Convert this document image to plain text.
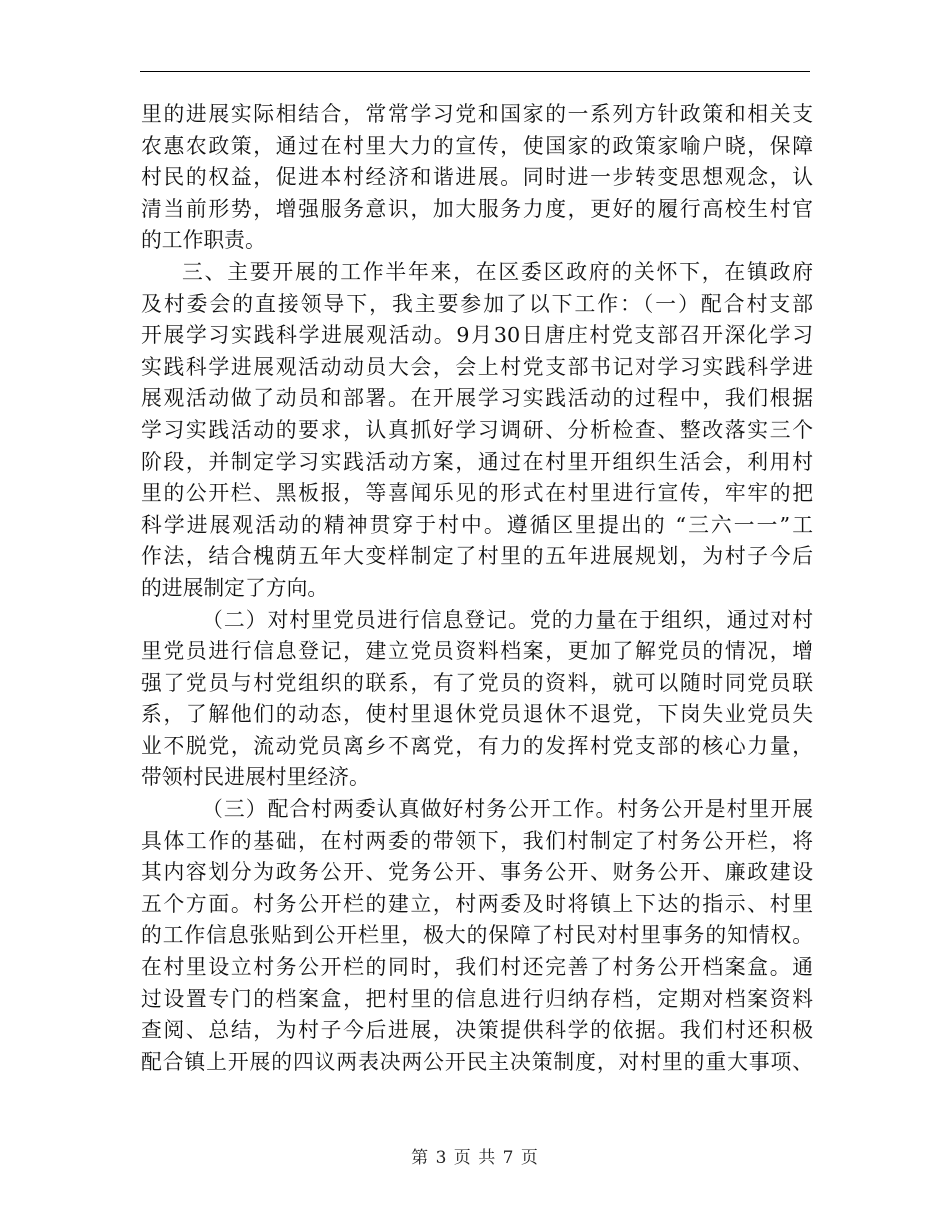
里的进展实际相结合，常常学习党和国家的一系列方针政策和相关支
农惠农政策，通过在村里大力的宣传，使国家的政策家喻户晓，保障
村民的权益，促进本村经济和谐进展。同时进一步转变思想观念，认
清当前形势，增强服务意识，加大服务力度，更好的履行高校生村官
的工作职责。
三、主要开展的工作半年来，在区委区政府的关怀下，在镇政府
及村委会的直接领导下，我主要参加了以下工作：（一）配合村支部
开展学习实践科学进展观活动。9月30日唐庄村党支部召开深化学习
实践科学进展观活动动员大会，会上村党支部书记对学习实践科学进
展观活动做了动员和部署。在开展学习实践活动的过程中，我们根据
学习实践活动的要求，认真抓好学习调研、分析检查、整改落实三个
阶段，并制定学习实践活动方案，通过在村里开组织生活会，利用村
里的公开栏、黑板报，等喜闻乐见的形式在村里进行宣传，牢牢的把
科学进展观活动的精神贯穿于村中。遵循区里提出的 “三六一一”工
作法，结合槐荫五年大变样制定了村里的五年进展规划，为村子今后
的进展制定了方向。
（二）对村里党员进行信息登记。党的力量在于组织，通过对村
里党员进行信息登记，建立党员资料档案，更加了解党员的情况，增
强了党员与村党组织的联系，有了党员的资料，就可以随时同党员联
系，了解他们的动态，使村里退休党员退休不退党，下岗失业党员失
业不脱党，流动党员离乡不离党，有力的发挥村党支部的核心力量，
带领村民进展村里经济。
（三）配合村两委认真做好村务公开工作。村务公开是村里开展
具体工作的基础，在村两委的带领下，我们村制定了村务公开栏，将
其内容划分为政务公开、党务公开、事务公开、财务公开、廉政建设
五个方面。村务公开栏的建立，村两委及时将镇上下达的指示、村里
的工作信息张贴到公开栏里，极大的保障了村民对村里事务的知情权。
在村里设立村务公开栏的同时，我们村还完善了村务公开档案盒。通
过设置专门的档案盒，把村里的信息进行归纳存档，定期对档案资料
查阅、总结，为村子今后进展，决策提供科学的依据。我们村还积极
配合镇上开展的四议两表决两公开民主决策制度，对村里的重大事项、
第 3 页 共 7 页
